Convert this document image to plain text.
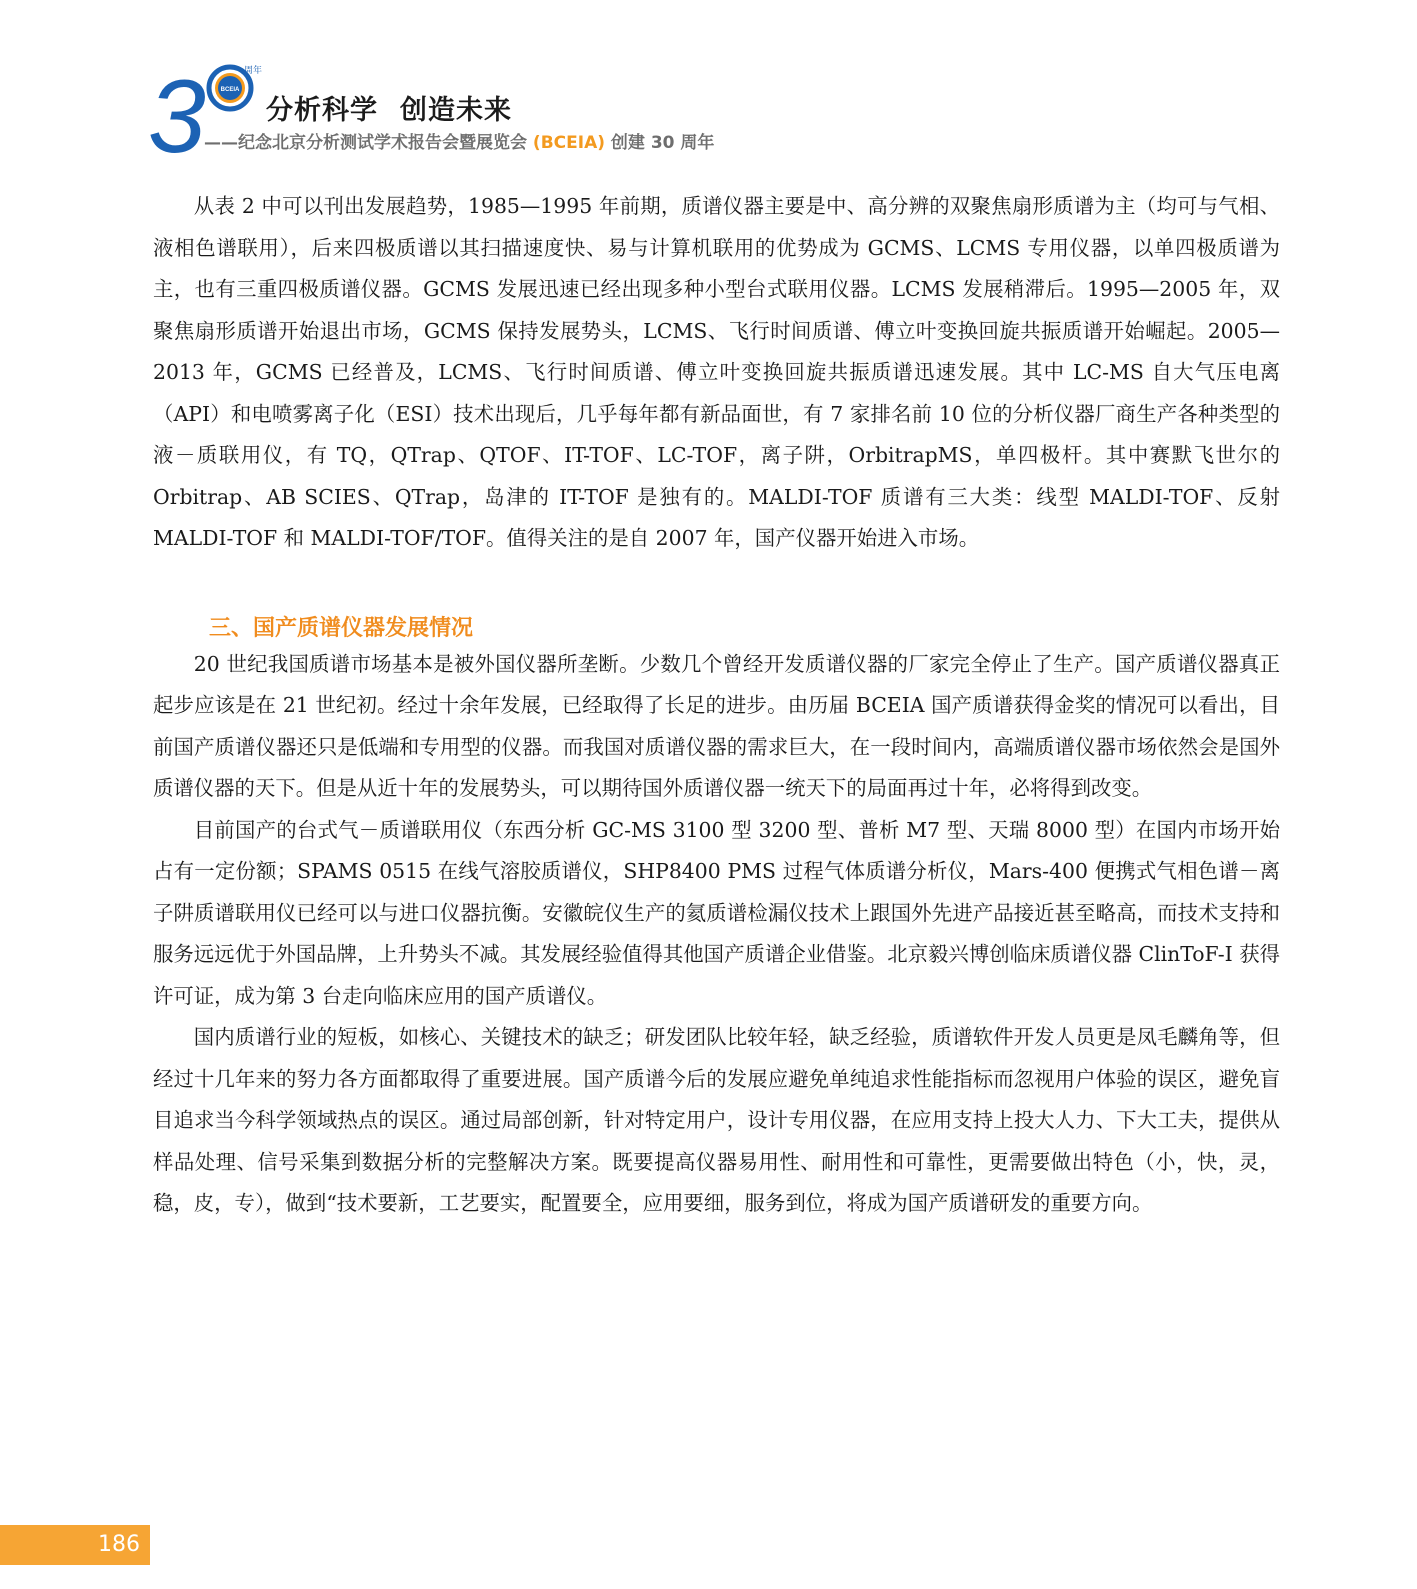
3 BCEIA
周年
分析科学 创造未来
——纪念北京分析测试学术报告会暨展览会 (BCEIA) 创建 30 周年

从表 2 中可以刊出发展趋势，1985—1995 年前期，质谱仪器主要是中、高分辨的双聚焦扇形质谱为主（均可与气相、液相色谱联用），后来四极质谱以其扫描速度快、易与计算机联用的优势成为 GCMS、LCMS 专用仪器，以单四极质谱为主，也有三重四极质谱仪器。GCMS 发展迅速已经出现多种小型台式联用仪器。LCMS 发展稍滞后。1995—2005 年，双聚焦扇形质谱开始退出市场，GCMS 保持发展势头，LCMS、飞行时间质谱、傅立叶变换回旋共振质谱开始崛起。2005—2013 年，GCMS 已经普及，LCMS、飞行时间质谱、傅立叶变换回旋共振质谱迅速发展。其中 LC-MS 自大气压电离（API）和电喷雾离子化（ESI）技术出现后，几乎每年都有新品面世，有 7 家排名前 10 位的分析仪器厂商生产各种类型的液－质联用仪，有 TQ，QTrap、QTOF、IT-TOF、LC-TOF，离子阱，OrbitrapMS，单四极杆。其中赛默飞世尔的 Orbitrap、AB SCIES、QTrap，岛津的 IT-TOF 是独有的。MALDI-TOF 质谱有三大类：线型 MALDI-TOF、反射 MALDI-TOF 和 MALDI-TOF/TOF。值得关注的是自 2007 年，国产仪器开始进入市场。

三、国产质谱仪器发展情况

20 世纪我国质谱市场基本是被外国仪器所垄断。少数几个曾经开发质谱仪器的厂家完全停止了生产。国产质谱仪器真正起步应该是在 21 世纪初。经过十余年发展，已经取得了长足的进步。由历届 BCEIA 国产质谱获得金奖的情况可以看出，目前国产质谱仪器还只是低端和专用型的仪器。而我国对质谱仪器的需求巨大，在一段时间内，高端质谱仪器市场依然会是国外质谱仪器的天下。但是从近十年的发展势头，可以期待国外质谱仪器一统天下的局面再过十年，必将得到改变。

目前国产的台式气－质谱联用仪（东西分析 GC-MS 3100 型 3200 型、普析 M7 型、天瑞 8000 型）在国内市场开始占有一定份额；SPAMS 0515 在线气溶胶质谱仪，SHP8400 PMS 过程气体质谱分析仪，Mars-400 便携式气相色谱－离子阱质谱联用仪已经可以与进口仪器抗衡。安徽皖仪生产的氦质谱检漏仪技术上跟国外先进产品接近甚至略高，而技术支持和服务远远优于外国品牌，上升势头不减。其发展经验值得其他国产质谱企业借鉴。北京毅兴博创临床质谱仪器 ClinToF-I 获得许可证，成为第 3 台走向临床应用的国产质谱仪。

国内质谱行业的短板，如核心、关键技术的缺乏；研发团队比较年轻，缺乏经验，质谱软件开发人员更是凤毛麟角等，但经过十几年来的努力各方面都取得了重要进展。国产质谱今后的发展应避免单纯追求性能指标而忽视用户体验的误区，避免盲目追求当今科学领域热点的误区。通过局部创新，针对特定用户，设计专用仪器，在应用支持上投大人力、下大工夫，提供从样品处理、信号采集到数据分析的完整解决方案。既要提高仪器易用性、耐用性和可靠性，更需要做出特色（小，快，灵，稳，皮，专），做到“技术要新，工艺要实，配置要全，应用要细，服务到位，将成为国产质谱研发的重要方向。

186
